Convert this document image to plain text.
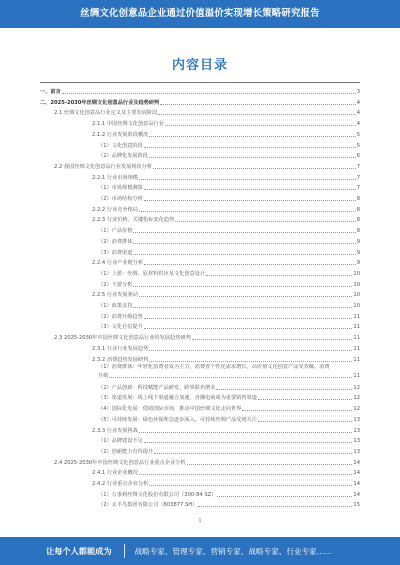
丝绸文化创意品企业通过价值溢价实现增长策略研究报告
内容目录
一、前言	3
二、2025-2030年丝绸文化创意品行业及趋势研判	4
2.1 丝绸文化创意品行业定义及主要发展阶段	4
2.1.1 中国丝绸文化创意品行业	4
2.1.2 行业发展阶段概况	5
（1）文化创意阶段	5
（2）品牌化发展阶段	6
2.2 我国丝绸文化创意品行业发展现状分析	7
2.2.1 行业市场规模	7
（1）市场规模测算	7
（2）市场结构分析	8
2.2.2 行业竞争格局	8
2.2.3 行业价格、关键指标变化趋势	8
（1）产品价格	8
（2）消费群体	9
（3）消费渠道	9
2.2.4 行业产业链分析	9
（1）上游：丝绸、原材料供应及文化创意设计	10
（2）下游分析	10
2.2.5 行业发展驱动	10
（1）政策支持	10
（2）消费升级趋势	11
（3）文化自信提升	11
2.3 2025-2030年中国丝绸文化创意品行业的发展趋势研判	11
2.3.1 行业行业发展趋势	11
2.3.2 消费趋势发展研判	11
（1）消费群体：年轻化消费者成为主力，消费者个性化需求增长，高价值文化创意产品受青睐，消费
升级	11
（2）产品创新：科技赋能产品研发，跨界联名增多	12
（3）渠道发展：线上线下渠道融合加速，直播电商成为重要销售渠道	12
（4）国际化发展：借助国际市场，推动中国丝绸文化走向世界	12
（5）可持续发展：绿色环保理念逐步深入，可持续丝绸产品受到关注	13
2.3.3 行业发展挑战	13
（1）品牌建设不足	13
（2）创新能力有待提升	13
2.4 2025-2030年中国丝绸文化创意品行业重点企业分析	14
2.4.1 行业企业概况	14
2.4.2 行业重点企业分析	14
（1）万事利丝绸文化股份有限公司（300-84 SZ）	14
（2）太平鸟集团有限公司（603877.SH）	15
1
让每个人都能成为	战略专家、管理专家、营销专家、战略专家、行业专家……
